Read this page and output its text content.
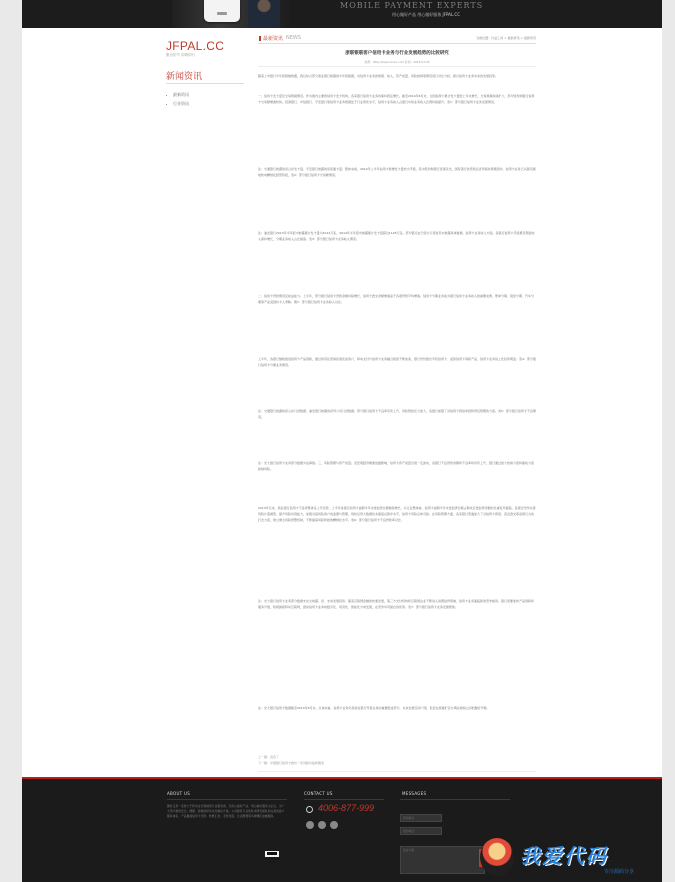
MOBILE PAYMENT EXPERTS
用心做好产品 用心做好服务 JFPAL.CC
JFPAL.CC
聚访的节 即做即行
新闻资讯
最新资讯
行业资讯
最新资讯 NEWS	当前位置：付益工具 > 最新资讯 > 最新资讯
浙联银联客户信用卡业务与行业发展趋势的比较研究
来源：http://www.xxxxx.com 时间：2015-07-20
随着上市银行半年报相继披露，我们综合部分商业银行披露的半年报数据，对信用卡业务的规模、收入、资产质量、风险控制等情况进行对比分析，探讨信用卡业务未来的发展趋势。
一、信用卡发卡量及交易规模情况。作为国内主要的信用卡发卡机构，各家银行信用卡业务均保持稳定增长。截至2014年6月末，全国信用卡累计发卡量较上年末增长，交易规模持续扩大，部分股份制银行信用卡交易额增速较快。招商银行、中信银行、平安银行等信用卡业务规模处于行业领先水平，信用卡业务收入占银行中间业务收入比例持续提升。表1：部分银行信用卡业务发展情况。
注：交通银行披露的是合并发卡量。平安银行披露的是流通卡量。整体来看，2014年上半年信用卡新增发卡量较为平稳，其中股份制银行表现突出，国有银行依托网点优势保持规模领先。信用卡业务已从跑马圈地转向精细化经营阶段，表2：部分银行信用卡交易额情况。
注：浦发银行2013年半年报中披露累计发卡量为1012万张，2014年半年报中披露累计发卡量超过1125万张。部分银行由于统计口径差异未披露具体数据。信用卡业务收入方面，各银行信用卡手续费及佣金收入保持增长，分期业务收入占比提高。表3：部分银行信用卡业务收入情况。
二、信用卡贷款情况及收益能力。上半年，部分银行信用卡贷款余额持续增长，信用卡透支余额增速高于各项贷款平均增速。信用卡分期业务成为银行信用卡业务收入的重要来源，账单分期、现金分期、汽车分期等产品受到持卡人青睐。图1：部分银行信用卡业务收入对比。
上半年，各银行继续推进信用卡产品创新，通过场景化营销拓展优质客户，移动支付与信用卡业务融合程度不断加深，银行纷纷推出手机信用卡、虚拟信用卡等新产品，信用卡业务线上化趋势明显。表4：部分银行信用卡分期业务情况。
注：交通银行披露的是合并口径数据。浦发银行披露的是母公司口径数据。部分银行信用卡不良率有所上升，风险管控压力加大，各银行加强了对信用卡授信审批和贷后管理的力度。表5：部分银行信用卡不良情况。
注：光大银行信用卡业务部分数据为估算值。三、风险管理与资产质量。受宏观经济增速放缓影响，信用卡资产质量出现一定波动，各银行不良贷款余额和不良率均有所上升，银行通过加大核销力度和催收力度控制风险。
2013年以来，商业银行信用卡不良率整体呈上升趋势，上半年各银行信用卡逾期半年未偿信贷总额继续增长。从行业整体看，信用卡逾期半年未偿信贷总额占期末应偿信贷余额的比重有所提高。各银行纷纷完善风险计量模型，提升风险识别能力，加强对高风险客户的监测与管理，同时运用大数据技术提高反欺诈水平，信用卡风险总体可控。在风险管理方面，各家银行普遍加大了对信用卡套现、恶意透支等违规行为的打击力度，建立健全风险预警机制，不断提高风险防控的精细化水平。表6：部分银行信用卡不良贷款率对比。
注：光大银行信用卡业务部分数据未完全披露。四、未来发展趋势。随着互联网金融的快速发展，第三方支付机构和互联网企业不断进入消费信贷领域，信用卡业务面临新的竞争格局。银行需要加快产品创新和服务升级，积极拥抱移动互联网，推动信用卡业务向数字化、场景化、智能化方向发展，在竞争中巩固自身优势。表7：部分银行信用卡业务发展规划。
注：光大银行信用卡数据截至2014年6月末。总体来看，信用卡业务仍是商业银行零售业务的重要组成部分，未来发展空间广阔，但需在规模扩张与风险控制之间把握好平衡。
上一篇：没有了
下一篇：中国银行信用卡推出一系列新功能新服务
ABOUT US
聚付宝是一家致力于移动支付领域的专业服务商，以用心做好产品、用心做好服务为宗旨，为广大用户提供安全、便捷、高效的移动支付解决方案。公司拥有专业的技术研发团队和完善的客户服务体系，产品覆盖信用卡还款、转账汇款、手机充值、生活缴费等多种便民金融服务。
CONTACT US
4006-877-999
MESSAGES
您的姓名
您的电话
留言内容
我爱代码
专注源码分享
